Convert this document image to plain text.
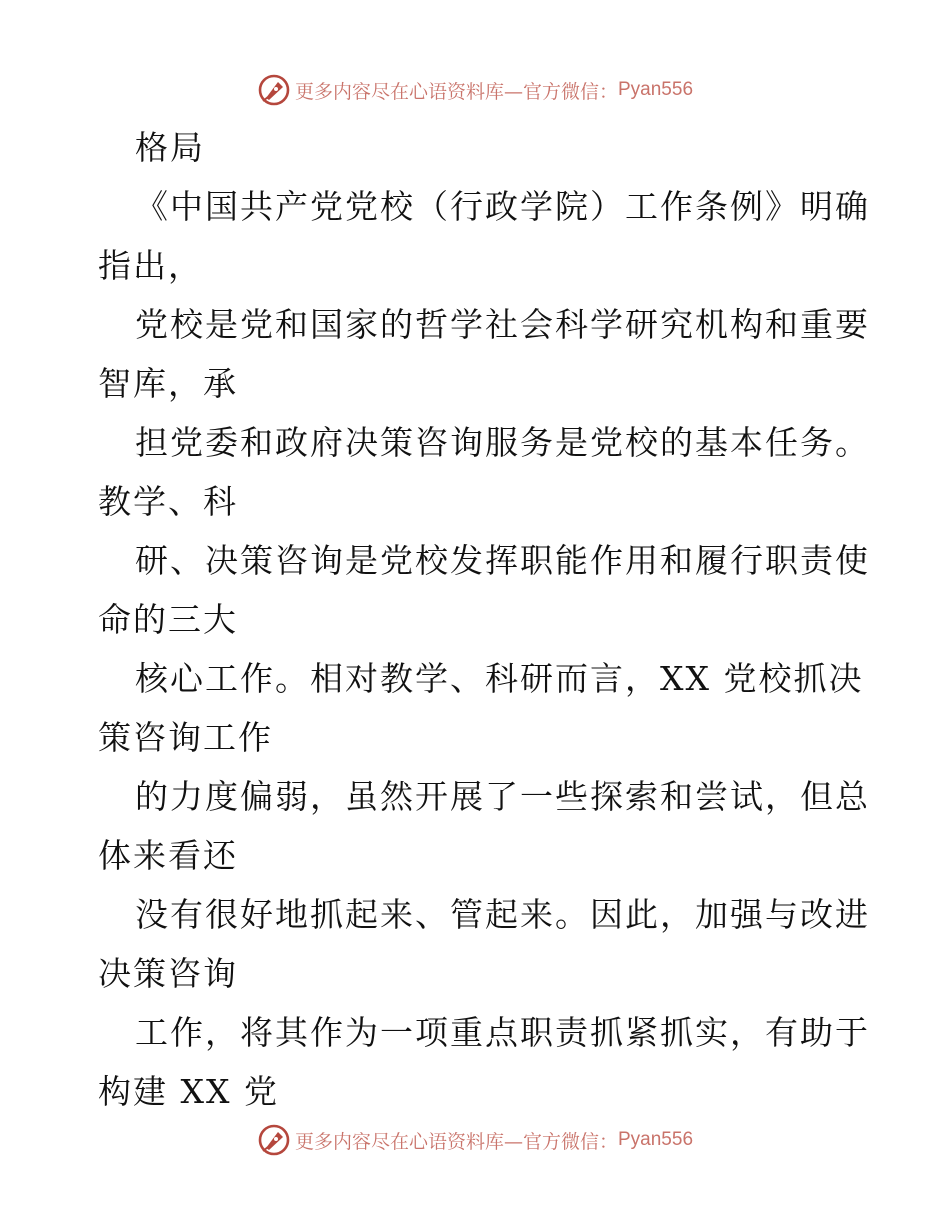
更多内容尽在心语资料库—官方微信： Pyan556
格局
《中国共产党党校（行政学院）工作条例》明确
指出，
党校是党和国家的哲学社会科学研究机构和重要
智库，承
担党委和政府决策咨询服务是党校的基本任务。
教学、科
研、决策咨询是党校发挥职能作用和履行职责使
命的三大
核心工作。相对教学、科研而言，XX 党校抓决
策咨询工作
的力度偏弱，虽然开展了一些探索和尝试，但总
体来看还
没有很好地抓起来、管起来。因此，加强与改进
决策咨询
工作，将其作为一项重点职责抓紧抓实，有助于
构建 XX 党
更多内容尽在心语资料库—官方微信： Pyan556
